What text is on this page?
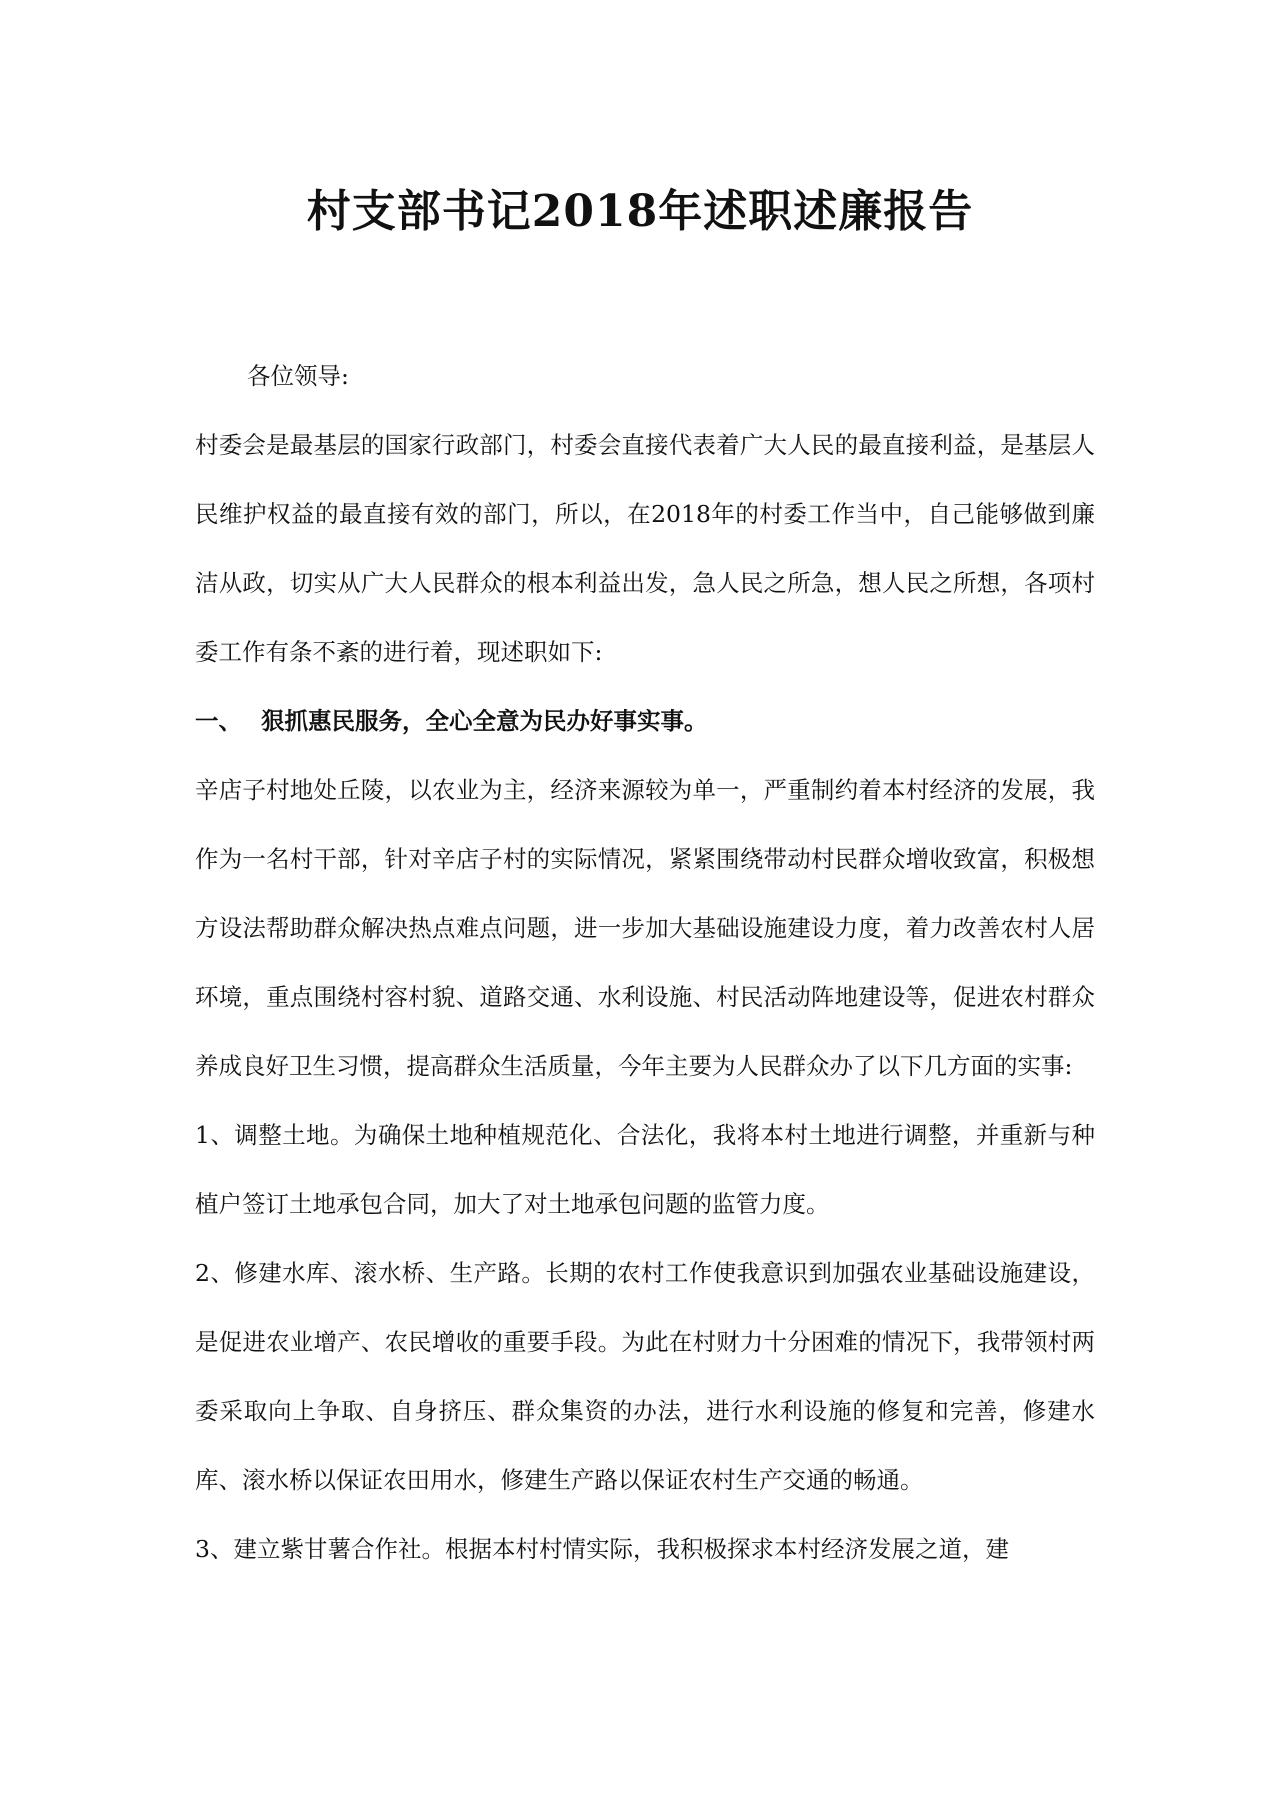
村支部书记2018年述职述廉报告

各位领导:

村委会是最基层的国家行政部门，村委会直接代表着广大人民的最直接利益，是基层人民维护权益的最直接有效的部门，所以，在2018年的村委工作当中，自己能够做到廉洁从政，切实从广大人民群众的根本利益出发，急人民之所急，想人民之所想，各项村委工作有条不紊的进行着，现述职如下:

一、 狠抓惠民服务，全心全意为民办好事实事。

辛店子村地处丘陵，以农业为主，经济来源较为单一，严重制约着本村经济的发展，我作为一名村干部，针对辛店子村的实际情况，紧紧围绕带动村民群众增收致富，积极想方设法帮助群众解决热点难点问题，进一步加大基础设施建设力度，着力改善农村人居环境，重点围绕村容村貌、道路交通、水利设施、村民活动阵地建设等，促进农村群众养成良好卫生习惯，提高群众生活质量，今年主要为人民群众办了以下几方面的实事:

1、调整土地。为确保土地种植规范化、合法化，我将本村土地进行调整，并重新与种植户签订土地承包合同，加大了对土地承包问题的监管力度。

2、修建水库、滚水桥、生产路。长期的农村工作使我意识到加强农业基础设施建设，是促进农业增产、农民增收的重要手段。为此在村财力十分困难的情况下，我带领村两委采取向上争取、自身挤压、群众集资的办法，进行水利设施的修复和完善，修建水库、滚水桥以保证农田用水，修建生产路以保证农村生产交通的畅通。

3、建立紫甘薯合作社。根据本村村情实际，我积极探求本村经济发展之道，建
